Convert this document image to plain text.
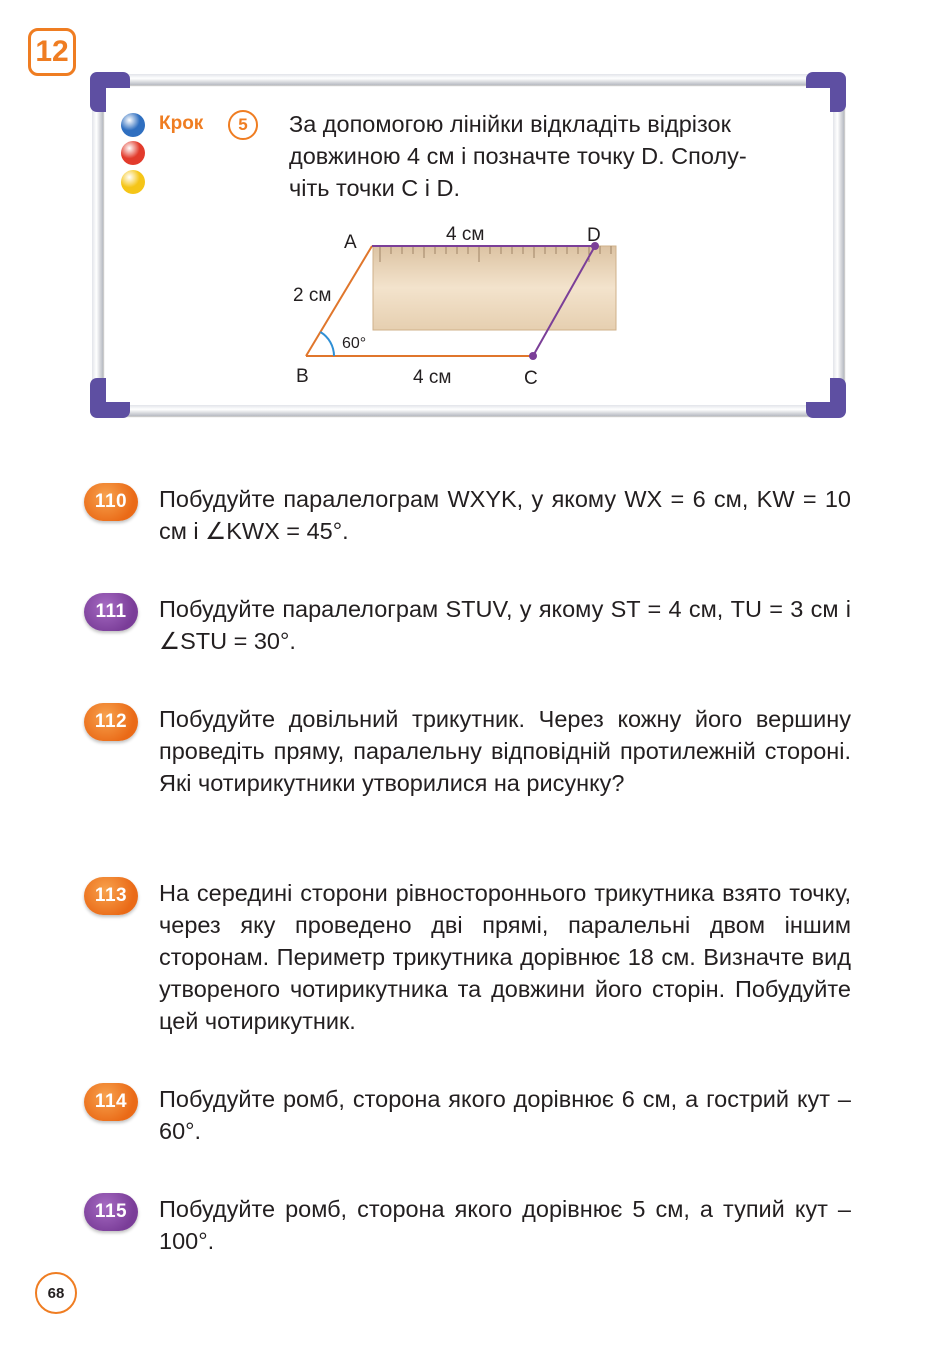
12
Крок	5	За допомогою лінійки відкладіть відрізок довжиною 4 см і позначте точку D. Сполу-
чіть точки C і D.
A
B	C
D
4 см
2 см
4 см
60°
110	Побудуйте паралелограм WXYK, у якому WX = 6 см, KW = 10 см і ∠KWX = 45°.
111	Побудуйте паралелограм STUV, у якому ST = 4 см, TU = 3 см і ∠STU = 30°.
112	Побудуйте довільний трикутник. Через кожну його вершину проведіть пряму, паралельну відповідній протилежній стороні. Які чотирикутники утворилися на рисунку?
113	На середині сторони рівностороннього трикутника взято точку, через яку проведено дві прямі, паралельні двом іншим сторонам. Периметр трикутника дорівнює 18 см. Визначте вид утвореного чотирикутника та довжини його сторін. Побудуйте цей чотирикутник.
114	Побудуйте ромб, сторона якого дорівнює 6 см, а гострий кут – 60°.
115	Побудуйте ромб, сторона якого дорівнює 5 см, а тупий кут – 100°.
68
